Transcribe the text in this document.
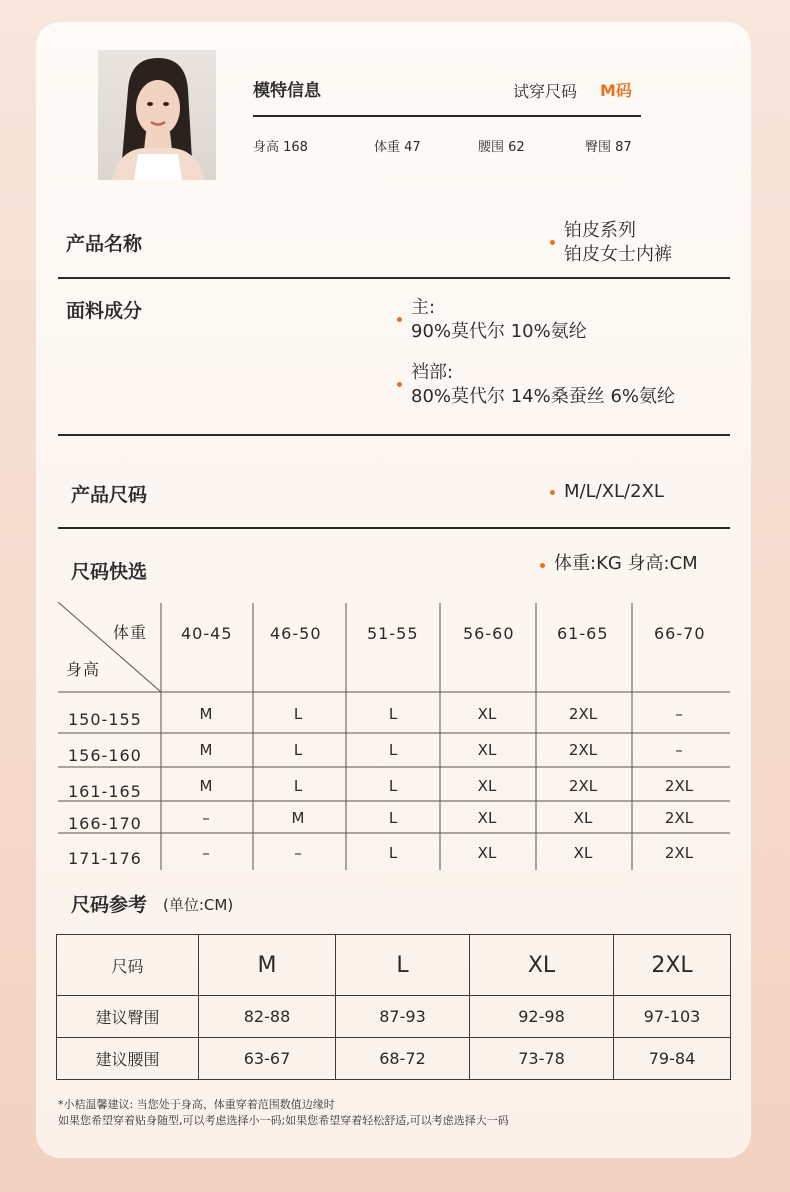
模特信息	试穿尺码 M码
身高 168	体重 47	腰围 62	臀围 87
产品名称
铂皮系列
铂皮女士内裤
面料成分	主:
90%莫代尔 10%氨纶
裆部:
80%莫代尔 14%桑蚕丝 6%氨纶
产品尺码	M/L/XL/2XL
尺码快选	体重:KG 身高:CM
体重
身高
40-45 46-50	51-55	56-60	61-65	66-70
150-155	M	L	L	XL	2XL	–
156-160	M	L	L	XL	2XL	–
161-165	M	L	L	XL	2XL	2XL
166-170	–	M	L	XL	XL	2XL
171-176	–	–	L	XL	XL	2XL
尺码参考 (单位:CM)
尺码	M	L	XL	2XL
建议臀围	82-88	87-93	92-98	97-103
建议腰围	63-67	68-72	73-78	79-84
*小桔温馨建议: 当您处于身高、体重穿着范围数值边缘时
如果您希望穿着贴身随型,可以考虑选择小一码;如果您希望穿着轻松舒适,可以考虑选择大一码
